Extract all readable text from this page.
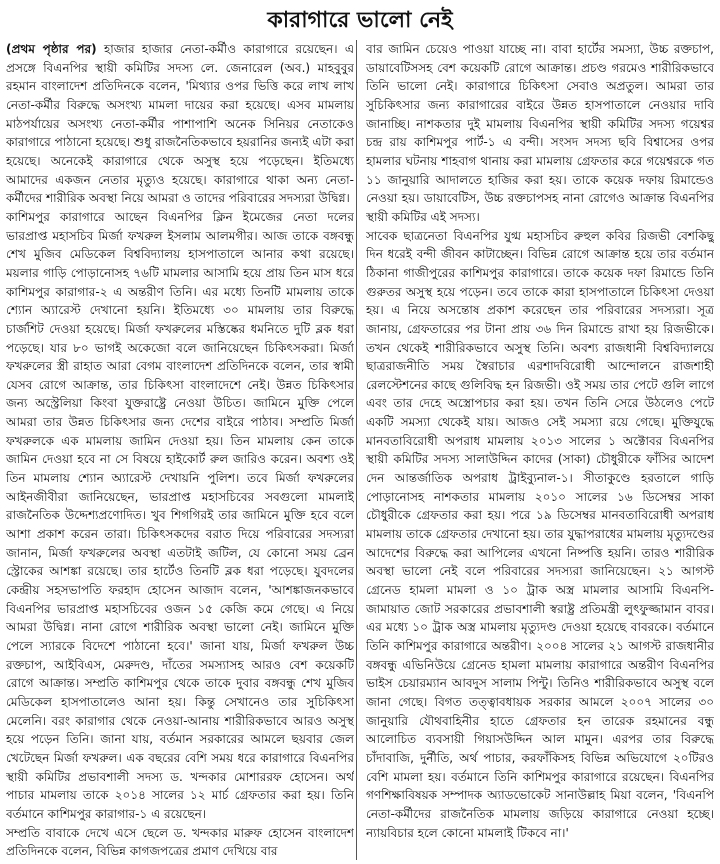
কারাগারে ভালো নেই

(প্রথম পৃষ্ঠার পর) হাজার হাজার নেতা-কর্মীও কারাগারে রয়েছেন। এ প্রসঙ্গে বিএনপির স্থায়ী কমিটির সদস্য লে. জেনারেল (অব.) মাহবুবুর রহমান বাংলাদেশ প্রতিদিনকে বলেন, 'মিথ্যার ওপর ভিত্তি করে লাখ লাখ নেতা-কর্মীর বিরুদ্ধে অসংখ্য মামলা দায়ের করা হয়েছে। এসব মামলায় মাঠপর্যায়ের অসংখ্য নেতা-কর্মীর পাশাপাশি অনেক সিনিয়র নেতাকেও কারাগারে পাঠানো হয়েছে। শুধু রাজনৈতিকভাবে হয়রানির জন্যই এটা করা হয়েছে। অনেকেই কারাগারে থেকে অসুস্থ হয়ে পড়েছেন। ইতিমধ্যে আমাদের একজন নেতার মৃত্যুও হয়েছে। কারাগারে থাকা অন্য নেতা-কর্মীদের শারীরিক অবস্থা নিয়ে আমরা ও তাদের পরিবারের সদস্যরা উদ্বিগ্ন।

কাশিমপুর কারাগারে আছেন বিএনপির ক্লিন ইমেজের নেতা দলের ভারপ্রাপ্ত মহাসচিব মির্জা ফখরুল ইসলাম আলমগীর। আজ তাকে বঙ্গবন্ধু শেখ মুজিব মেডিকেল বিশ্ববিদ্যালয় হাসপাতালে আনার কথা রয়েছে। ময়লার গাড়ি পোড়ানোসহ ৭৬টি মামলার আসামি হয়ে প্রায় তিন মাস ধরে কাশিমপুর কারাগার-২ এ অন্তরীণ তিনি। এর মধ্যে তিনটি মামলায় তাকে শ্যোন অ্যারেস্ট দেখানো হয়নি। ইতিমধ্যে ৩০ মামলায় তার বিরুদ্ধে চার্জশিট দেওয়া হয়েছে। মির্জা ফখরুলের মস্তিষ্কের ধমনিতে দুটি ব্লক ধরা পড়েছে। যার ৮০ ভাগই অকেজো বলে জানিয়েছেন চিকিৎসকরা। মির্জা ফখরুলের স্ত্রী রাহাত আরা বেগম বাংলাদেশ প্রতিদিনকে বলেন, তার স্বামী যেসব রোগে আক্রান্ত, তার চিকিৎসা বাংলাদেশে নেই। উন্নত চিকিৎসার জন্য অস্ট্রেলিয়া কিংবা যুক্তরাষ্ট্রে নেওয়া উচিত। জামিনে মুক্তি পেলে আমরা তার উন্নত চিকিৎসার জন্য দেশের বাইরে পাঠাব। সম্প্রতি মির্জা ফখরুলকে এক মামলায় জামিন দেওয়া হয়। তিন মামলায় কেন তাকে জামিন দেওয়া হবে না সে বিষয়ে হাইকোর্ট রুল জারিও করেন। অবশ্য ওই তিন মামলায় শ্যোন অ্যারেস্ট দেখায়নি পুলিশ। তবে মির্জা ফখরুলের আইনজীবীরা জানিয়েছেন, ভারপ্রাপ্ত মহাসচিবের সবগুলো মামলাই রাজনৈতিক উদ্দেশ্যপ্রণোদিত। খুব শিগগিরই তার জামিনে মুক্তি হবে বলে আশা প্রকাশ করেন তারা। চিকিৎসকদের বরাত দিয়ে পরিবারের সদস্যরা জানান, মির্জা ফখরুলের অবস্থা এতটাই জটিল, যে কোনো সময় ব্রেন স্ট্রোকের আশঙ্কা রয়েছে। তার হার্টেও তিনটি ব্লক ধরা পড়েছে। যুবদলের কেন্দ্রীয় সহসভাপতি ফরহাদ হোসেন আজাদ বলেন, 'আশঙ্কাজনকভাবে বিএনপির ভারপ্রাপ্ত মহাসচিবের ওজন ১৫ কেজি কমে গেছে। এ নিয়ে আমরা উদ্বিগ্ন। নানা রোগে শারীরিক অবস্থা ভালো নেই। জামিনে মুক্তি পেলে স্যারকে বিদেশে পাঠানো হবে।' জানা যায়, মির্জা ফখরুল উচ্চ রক্তচাপ, আইবিএস, মেরুদণ্ড, দাঁতের সমস্যাসহ আরও বেশ কয়েকটি রোগে আক্রান্ত। সম্প্রতি কাশিমপুর থেকে তাকে দুবার বঙ্গবন্ধু শেখ মুজিব মেডিকেল হাসপাতালেও আনা হয়। কিন্তু সেখানেও তার সুচিকিৎসা মেলেনি। বরং কারাগার থেকে নেওয়া-আনায় শারীরিকভাবে আরও অসুস্থ হয়ে পড়েন তিনি। জানা যায়, বর্তমান সরকারের আমলে ছয়বার জেল খেটেছেন মির্জা ফখরুল। এক বছরের বেশি সময় ধরে কারাগারে বিএনপির স্থায়ী কমিটির প্রভাবশালী সদস্য ড. খন্দকার মোশাররফ হোসেন। অর্থ পাচার মামলায় তাকে ২০১৪ সালের ১২ মার্চ গ্রেফতার করা হয়। তিনি বর্তমানে কাশিমপুর কারাগার-১ এ রয়েছেন।

সম্প্রতি বাবাকে দেখে এসে ছেলে ড. খন্দকার মারুফ হোসেন বাংলাদেশ প্রতিদিনকে বলেন, বিভিন্ন কাগজপত্রের প্রমাণ দেখিয়ে বার

বার জামিন চেয়েও পাওয়া যাচ্ছে না। বাবা হার্টের সমস্যা, উচ্চ রক্তচাপ, ডায়াবেটিসসহ বেশ কয়েকটি রোগে আক্রান্ত। প্রচণ্ড গরমেও শারীরিকভাবে তিনি ভালো নেই। কারাগারে চিকিৎসা সেবাও অপ্রতুল। আমরা তার সুচিকিৎসার জন্য কারাগারের বাইরে উন্নত হাসপাতালে নেওয়ার দাবি জানাচ্ছি। নাশকতার দুই মামলায় বিএনপির স্থায়ী কমিটির সদস্য গয়েশ্বর চন্দ্র রায় কাশিমপুর পার্ট-১ এ বন্দী। সংসদ সদস্য ছবি বিশ্বাসের ওপর হামলার ঘটনায় শাহবাগ থানায় করা মামলায় গ্রেফতার করে গয়েশ্বরকে গত ১১ জানুয়ারি আদালতে হাজির করা হয়। তাকে কয়েক দফায় রিমান্ডেও নেওয়া হয়। ডায়াবেটিস, উচ্চ রক্তচাপসহ নানা রোগেও আক্রান্ত বিএনপির স্থায়ী কমিটির এই সদস্য।

সাবেক ছাত্রনেতা বিএনপির যুগ্ম মহাসচিব রুহুল কবির রিজভী বেশকিছু দিন ধরেই বন্দী জীবন কাটাচ্ছেন। বিভিন্ন রোগে আক্রান্ত হয়ে তার বর্তমান ঠিকানা গাজীপুরের কাশিমপুর কারাগারে। তাকে কয়েক দফা রিমান্ডে তিনি গুরুতর অসুস্থ হয়ে পড়েন। তবে তাকে কারা হাসপাতালে চিকিৎসা দেওয়া হয়। এ নিয়ে অসন্তোষ প্রকাশ করেছেন তার পরিবারের সদস্যরা। সূত্র জানায়, গ্রেফতারের পর টানা প্রায় ৩৬ দিন রিমান্ডে রাখা হয় রিজভীকে। তখন থেকেই শারীরিকভাবে অসুস্থ তিনি। অবশ্য রাজধানী বিশ্ববিদ্যালয়ে ছাত্ররাজনীতি সময় স্বৈরাচার এরশাদবিরোধী আন্দোলনে রাজশাহী রেলস্টেশনের কাছে গুলিবিদ্ধ হন রিজভী। ওই সময় তার পেটে গুলি লাগে এবং তার দেহে অস্ত্রোপচার করা হয়। তখন তিনি সেরে উঠলেও পেটে একটি সমস্যা থেকেই যায়। আজও সেই সমস্যা রয়ে গেছে। মুক্তিযুদ্ধে মানবতাবিরোধী অপরাধ মামলায় ২০১৩ সালের ১ অক্টোবর বিএনপির স্থায়ী কমিটির সদস্য সালাউদ্দিন কাদের (সাকা) চৌধুরীকে ফাঁসির আদেশ দেন আন্তর্জাতিক অপরাধ ট্রাইব্যুনাল-১। সীতাকুণ্ডে হরতালে গাড়ি পোড়ানোসহ নাশকতার মামলায় ২০১০ সালের ১৬ ডিসেম্বর সাকা চৌধুরীকে গ্রেফতার করা হয়। পরে ১৯ ডিসেম্বর মানবতাবিরোধী অপরাধ মামলায় তাকে গ্রেফতার দেখানো হয়। তার যুদ্ধাপরাধের মামলায় মৃত্যুদণ্ডের আদেশের বিরুদ্ধে করা আপিলের এখনো নিষ্পত্তি হয়নি। তারও শারীরিক অবস্থা ভালো নেই বলে পরিবারের সদস্যরা জানিয়েছেন। ২১ আগস্ট গ্রেনেড হামলা মামলা ও ১০ ট্রাক অস্ত্র মামলার আসামি বিএনপি-জামায়াত জোট সরকারের প্রভাবশালী স্বরাষ্ট্র প্রতিমন্ত্রী লুৎফুজ্জামান বাবর। এর মধ্যে ১০ ট্রাক অস্ত্র মামলায় মৃত্যুদণ্ড দেওয়া হয়েছে বাবরকে। বর্তমানে তিনি কাশিমপুর কারাগারে অন্তরীণ। ২০০৪ সালের ২১ আগস্ট রাজধানীর বঙ্গবন্ধু এভিনিউয়ে গ্রেনেড হামলা মামলায় কারাগারে অন্তরীণ বিএনপির ভাইস চেয়ারম্যান আবদুস সালাম পিন্টু। তিনিও শারীরিকভাবে অসুস্থ বলে জানা গেছে। বিগত তত্ত্বাবধায়ক সরকার আমলে ২০০৭ সালের ৩০ জানুয়ারি যৌথবাহিনীর হাতে গ্রেফতার হন তারেক রহমানের বন্ধু আলোচিত ব্যবসায়ী গিয়াসউদ্দিন আল মামুন। এরপর তার বিরুদ্ধে চাঁদাবাজি, দুর্নীতি, অর্থ পাচার, করফাঁকিসহ বিভিন্ন অভিযোগে ২০টিরও বেশি মামলা হয়। বর্তমানে তিনি কাশিমপুর কারাগারে রয়েছেন। বিএনপির গণশিক্ষাবিষয়ক সম্পাদক অ্যাডভোকেট সানাউল্লাহ মিয়া বলেন, 'বিএনপি নেতা-কর্মীদের রাজনৈতিক মামলায় জড়িয়ে কারাগারে নেওয়া হচ্ছে। ন্যায়বিচার হলে কোনো মামলাই টিকবে না।'
